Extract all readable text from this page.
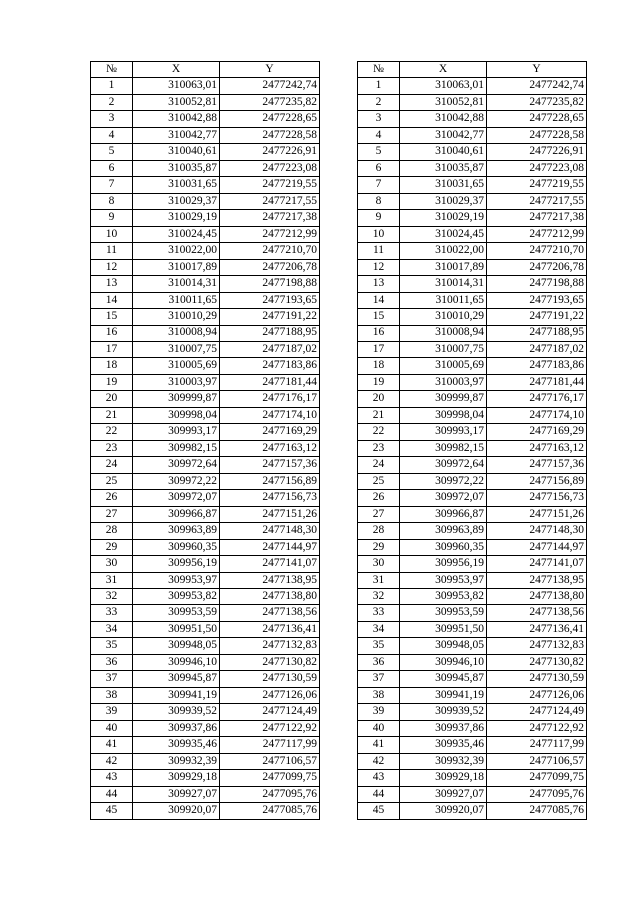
№	X	Y
1	310063,01	2477242,74
2	310052,81	2477235,82
3	310042,88	2477228,65
4	310042,77	2477228,58
5	310040,61	2477226,91
6	310035,87	2477223,08
7	310031,65	2477219,55
8	310029,37	2477217,55
9	310029,19	2477217,38
10	310024,45	2477212,99
11	310022,00	2477210,70
12	310017,89	2477206,78
13	310014,31	2477198,88
14	310011,65	2477193,65
15	310010,29	2477191,22
16	310008,94	2477188,95
17	310007,75	2477187,02
18	310005,69	2477183,86
19	310003,97	2477181,44
20	309999,87	2477176,17
21	309998,04	2477174,10
22	309993,17	2477169,29
23	309982,15	2477163,12
24	309972,64	2477157,36
25	309972,22	2477156,89
26	309972,07	2477156,73
27	309966,87	2477151,26
28	309963,89	2477148,30
29	309960,35	2477144,97
30	309956,19	2477141,07
31	309953,97	2477138,95
32	309953,82	2477138,80
33	309953,59	2477138,56
34	309951,50	2477136,41
35	309948,05	2477132,83
36	309946,10	2477130,82
37	309945,87	2477130,59
38	309941,19	2477126,06
39	309939,52	2477124,49
40	309937,86	2477122,92
41	309935,46	2477117,99
42	309932,39	2477106,57
43	309929,18	2477099,75
44	309927,07	2477095,76
45	309920,07	2477085,76
№	X	Y
1	310063,01	2477242,74
2	310052,81	2477235,82
3	310042,88	2477228,65
4	310042,77	2477228,58
5	310040,61	2477226,91
6	310035,87	2477223,08
7	310031,65	2477219,55
8	310029,37	2477217,55
9	310029,19	2477217,38
10	310024,45	2477212,99
11	310022,00	2477210,70
12	310017,89	2477206,78
13	310014,31	2477198,88
14	310011,65	2477193,65
15	310010,29	2477191,22
16	310008,94	2477188,95
17	310007,75	2477187,02
18	310005,69	2477183,86
19	310003,97	2477181,44
20	309999,87	2477176,17
21	309998,04	2477174,10
22	309993,17	2477169,29
23	309982,15	2477163,12
24	309972,64	2477157,36
25	309972,22	2477156,89
26	309972,07	2477156,73
27	309966,87	2477151,26
28	309963,89	2477148,30
29	309960,35	2477144,97
30	309956,19	2477141,07
31	309953,97	2477138,95
32	309953,82	2477138,80
33	309953,59	2477138,56
34	309951,50	2477136,41
35	309948,05	2477132,83
36	309946,10	2477130,82
37	309945,87	2477130,59
38	309941,19	2477126,06
39	309939,52	2477124,49
40	309937,86	2477122,92
41	309935,46	2477117,99
42	309932,39	2477106,57
43	309929,18	2477099,75
44	309927,07	2477095,76
45	309920,07	2477085,76
